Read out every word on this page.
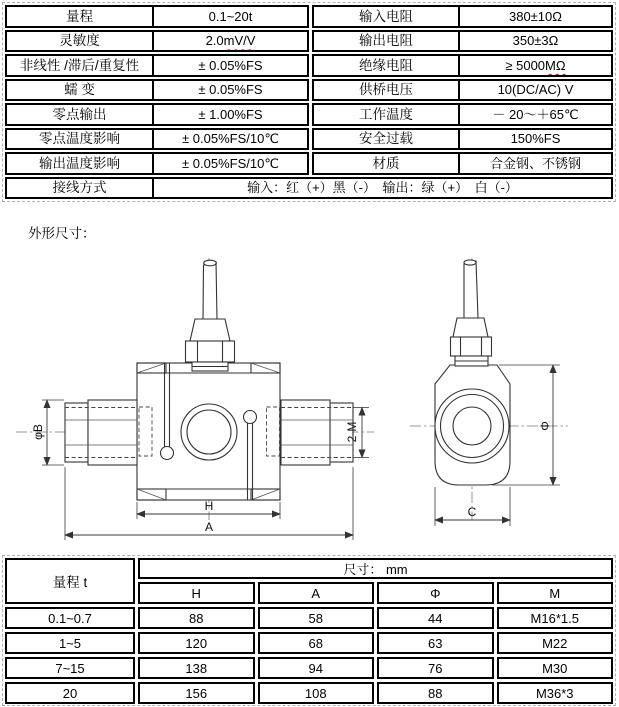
量程	0.1~20t	输入电阻	380±10Ω
灵敏度	2.0 mV/V	输出电阻	350±3Ω
非线性 /滞后/重复性	± 0.05%FS	绝缘电阻	≥ 5000 MΩ
蠕 变	± 0.05%FS	供桥电压	10(DC/AC) V
零点输出	± 1.00%FS	工作温度	－ 20～＋65℃
零点温度影响	± 0.05%FS/10℃	安全过载	150%FS
输出温度影响	± 0.05%FS/10℃	材质	合金钢、不锈钢
接线方式	输入：红（+）黑（-）　输出：绿（+）　白（-）
外形尺寸：
φB	2-M
H
A
C
Φ
量程 t
尺寸： mm
H	A	Φ	M
0.1~0.7	88	58	44	M16*1.5
1~5	120	68	63	M22
7~15	138	94	76	M30
20	156	108	88	M36*3
